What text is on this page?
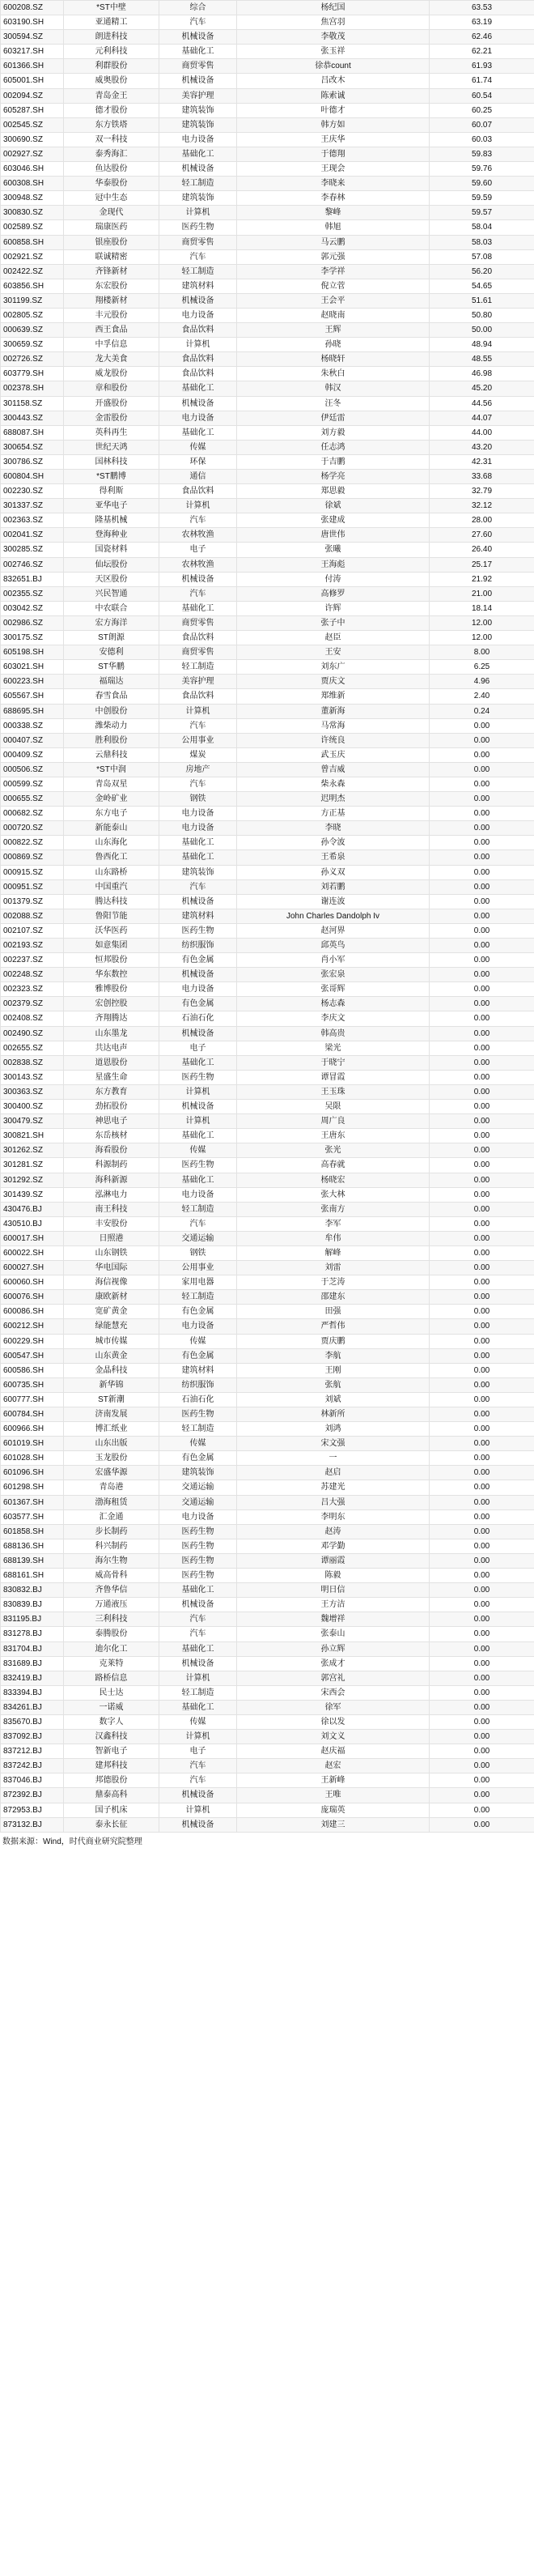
600208.SZ	*ST中壁	综合	杨纪国	63.53
603190.SH	亚通精工	汽车	焦宫羽	63.19
300594.SZ	朗进科技	机械设备	李敬茂	62.46
603217.SH	元利科技	基础化工	张玉祥	62.21
601366.SH	利群股份	商贸零售	徐恭count	61.93
605001.SH	威奥股份	机械设备	吕改木	61.74
002094.SZ	青岛金王	美容护理	陈索诚	60.54
605287.SH	德才股份	建筑装饰	叶德才	60.25
002545.SZ	东方铁塔	建筑装饰	韩方如	60.07
300690.SZ	双一科技	电力设备	王庆华	60.03
002927.SZ	泰秀海汇	基础化工	于德翔	59.83
603046.SH	鱼达股份	机械设备	王现会	59.76
600308.SH	华泰股份	轻工制造	李晓来	59.60
300948.SZ	冠中生态	建筑装饰	李春林	59.59
300830.SZ	金现代	计算机	黎峰	59.57
002589.SZ	瑞康医药	医药生物	韩旭	58.04
600858.SH	银座股份	商贸零售	马云鹏	58.03
002921.SZ	联诚精密	汽车	郭元强	57.08
002422.SZ	齐锋新材	轻工制造	李学祥	56.20
603856.SH	东宏股份	建筑材料	倪立菅	54.65
301199.SZ	翔楼新材	机械设备	王会平	51.61
002805.SZ	丰元股份	电力设备	赵晓南	50.80
000639.SZ	西王食品	食品饮料	王辉	50.00
300659.SZ	中孚信息	计算机	孙晓	48.94
002726.SZ	龙大美食	食品饮料	杨晓轩	48.55
603779.SH	威龙股份	食品饮料	朱秋白	46.98
002378.SH	章和股份	基础化工	韩汉	45.20
301158.SZ	开盛股份	机械设备	汪冬	44.56
300443.SZ	金雷股份	电力设备	伊廷雷	44.07
688087.SH	英科再生	基础化工	刘方毅	44.00
300654.SZ	世纪天鸿	传媒	任志鸿	43.20
300786.SZ	国林科技	环保	于吉鹏	42.31
600804.SH	*ST鹏博	通信	杨学亮	33.68
002230.SZ	得利斯	食品饮料	郑思毅	32.79
301337.SZ	亚华电子	计算机	徐斌	32.12
002363.SZ	隆基机械	汽车	张建成	28.00
002041.SZ	登海种业	农林牧渔	唐世伟	27.60
300285.SZ	国瓷材料	电子	张曦	26.40
002746.SZ	仙坛股份	农林牧渔	王海彪	25.17
832651.BJ	天区股份	机械设备	付涛	21.92
002355.SZ	兴民智通	汽车	高修罗	21.00
003042.SZ	中农联合	基础化工	许辉	18.14
002986.SZ	宏方海洋	商贸零售	张子中	12.00
300175.SZ	ST朗源	食品饮料	赵臣	12.00
605198.SH	安德利	商贸零售	王安	8.00
603021.SH	ST华鹏	轻工制造	刘东广	6.25
600223.SH	福瑞达	美容护理	贾庆文	4.96
605567.SH	春雪食品	食品饮料	郑维新	2.40
688695.SH	中创股份	计算机	董新海	0.24
000338.SZ	潍柴动力	汽车	马常海	0.00
000407.SZ	胜利股份	公用事业	许统良	0.00
000409.SZ	云鼎科技	煤炭	武玉庆	0.00
000506.SZ	*ST中润	房地产	曾吉威	0.00
000599.SZ	青岛双星	汽车	柴永森	0.00
000655.SZ	金岭矿业	钢铁	迟明杰	0.00
000682.SZ	东方电子	电力设备	方正基	0.00
000720.SZ	新能泰山	电力设备	李晓	0.00
000822.SZ	山东海化	基础化工	孙令波	0.00
000869.SZ	鲁西化工	基础化工	王希泉	0.00
000915.SZ	山东路桥	建筑装饰	孙义双	0.00
000951.SZ	中国重汽	汽车	刘若鹏	0.00
001379.SZ	腾达科技	机械设备	谢连波	0.00
002088.SZ	鲁阳节能	建筑材料	John Charles Dandolph Iv	0.00
002107.SZ	沃华医药	医药生物	赵河界	0.00
002193.SZ	如意集团	纺织服饰	邱英鸟	0.00
002237.SZ	恒邦股份	有色金属	肖小军	0.00
002248.SZ	华东数控	机械设备	张宏泉	0.00
002323.SZ	雅博股份	电力设备	张哥辉	0.00
002379.SZ	宏创控股	有色金属	杨志森	0.00
002408.SZ	齐翔腾达	石油石化	李庆文	0.00
002490.SZ	山东墨龙	机械设备	韩高贵	0.00
002655.SZ	共达电声	电子	梁光	0.00
002838.SZ	道恩股份	基础化工	于晓宁	0.00
300143.SZ	星盛生命	医药生物	谭冒霞	0.00
300363.SZ	东方教育	计算机	王玉珠	0.00
300400.SZ	劲拓股份	机械设备	吴限	0.00
300479.SZ	神思电子	计算机	周广良	0.00
300821.SH	东岳核材	基础化工	王唐东	0.00
301262.SZ	海看股份	传媒	张光	0.00
301281.SZ	科源制药	医药生物	高春就	0.00
301292.SZ	海科新源	基础化工	杨晓宏	0.00
301439.SZ	泓淋电力	电力设备	张大林	0.00
430476.BJ	南王科技	轻工制造	张南方	0.00
430510.BJ	丰安股份	汽车	李军	0.00
600017.SH	日照港	交通运输	牟伟	0.00
600022.SH	山东钢铁	钢铁	解峰	0.00
600027.SH	华电国际	公用事业	刘雷	0.00
600060.SH	海信视像	家用电器	于芝涛	0.00
600076.SH	康欧新材	轻工制造	邵建东	0.00
600086.SH	宽矿黄金	有色金属	田强	0.00
600212.SH	绿能慧充	电力设备	严哲伟	0.00
600229.SH	城市传媒	传媒	贾庆鹏	0.00
600547.SH	山东黄金	有色金属	李航	0.00
600586.SH	金晶科技	建筑材料	王刚	0.00
600735.SH	新华锦	纺织服饰	张航	0.00
600777.SH	ST新潮	石油石化	刘斌	0.00
600784.SH	济南发展	医药生物	林新所	0.00
600966.SH	博汇纸业	轻工制造	刘鸿	0.00
601019.SH	山东出版	传媒	宋文强	0.00
601028.SH	玉龙股份	有色金属	一	0.00
601096.SH	宏盛华源	建筑装饰	赵启	0.00
601298.SH	青岛港	交通运输	苏建光	0.00
601367.SH	渤海租赁	交通运输	吕大强	0.00
603577.SH	汇金通	电力设备	李明东	0.00
601858.SH	步长制药	医药生物	赵涛	0.00
688136.SH	科兴制药	医药生物	邓学勤	0.00
688139.SH	海尔生物	医药生物	谭丽霞	0.00
688161.SH	威高骨科	医药生物	陈毅	0.00
830832.BJ	齐鲁华信	基础化工	明日信	0.00
830839.BJ	万通液压	机械设备	王方洁	0.00
831195.BJ	三利科技	汽车	魏增祥	0.00
831278.BJ	泰腾股份	汽车	张泰山	0.00
831704.BJ	迪尔化工	基础化工	孙立辉	0.00
831689.BJ	克莱特	机械设备	张成才	0.00
832419.BJ	路桥信息	计算机	郭宫礼	0.00
833394.BJ	民士达	轻工制造	宋西会	0.00
834261.BJ	一诺威	基础化工	徐军	0.00
835670.BJ	数字人	传媒	徐以发	0.00
837092.BJ	汉鑫科技	计算机	刘文义	0.00
837212.BJ	智新电子	电子	赵庆福	0.00
837242.BJ	建邦科技	汽车	赵宏	0.00
837046.BJ	邦德股份	汽车	王新峰	0.00
872392.BJ	鼎泰高科	机械设备	王唯	0.00
872953.BJ	国子机床	计算机	庞瑞英	0.00
873132.BJ	泰永长征	机械设备	刘建三	0.00
数据来源：Wind，时代商业研究院整理
